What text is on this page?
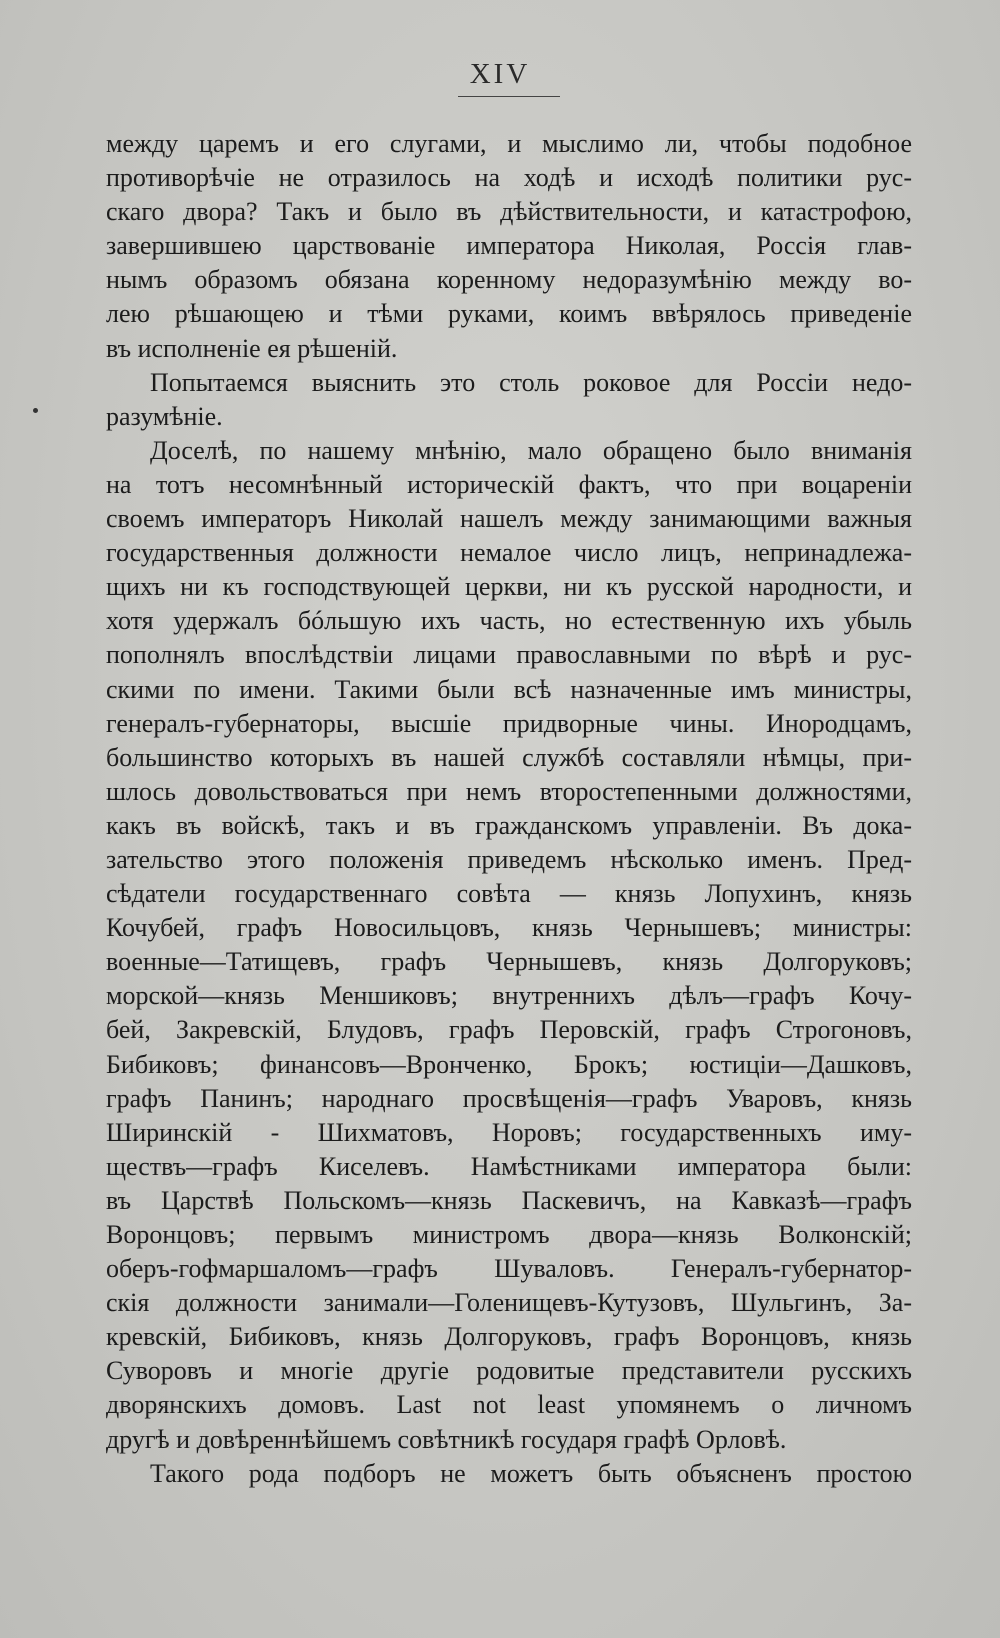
XIV
между царемъ и его слугами, и мыслимо ли, чтобы подобное
противорѣчiе не отразилось на ходѣ и исходѣ политики рус-
скаго двора? Такъ и было въ дѣйствительности, и катастрофою,
завершившею царствованiе императора Николая, Россiя глав-
нымъ образомъ обязана коренному недоразумѣнiю между во-
лею рѣшающею и тѣми руками, коимъ ввѣрялось приведенiе
въ исполненiе ея рѣшенiй.
Попытаемся выяснить это столь роковое для Россiи недо-
разумѣнiе.
Доселѣ, по нашему мнѣнiю, мало обращено было вниманiя
на тотъ несомнѣнный историческiй фактъ, что при воцаренiи
своемъ императоръ Николай нашелъ между занимающими важныя
государственныя должности немалое число лицъ, непринадлежа-
щихъ ни къ господствующей церкви, ни къ русской народности, и
хотя удержалъ бóльшую ихъ часть, но естественную ихъ убыль
пополнялъ впослѣдствiи лицами православными по вѣрѣ и рус-
скими по имени. Такими были всѣ назначенные имъ министры,
генералъ-губернаторы, высшiе придворные чины. Инородцамъ,
большинство которыхъ въ нашей службѣ составляли нѣмцы, при-
шлось довольствоваться при немъ второстепенными должностями,
какъ въ войскѣ, такъ и въ гражданскомъ управленiи. Въ дока-
зательство этого положенiя приведемъ нѣсколько именъ. Пред-
сѣдатели государственнаго совѣта — князь Лопухинъ, князь
Кочубей, графъ Новосильцовъ, князь Чернышевъ; министры:
военные—Татищевъ, графъ Чернышевъ, князь Долгоруковъ;
морской—князь Меншиковъ; внутреннихъ дѣлъ—графъ Кочу-
бей, Закревскiй, Блудовъ, графъ Перовскiй, графъ Строгоновъ,
Бибиковъ; финансовъ—Вронченко, Брокъ; юстицiи—Дашковъ,
графъ Панинъ; народнаго просвѣщенiя—графъ Уваровъ, князь
Ширинскiй - Шихматовъ, Норовъ; государственныхъ иму-
ществъ—графъ Киселевъ. Намѣстниками императора были:
въ Царствѣ Польскомъ—князь Паскевичъ, на Кавказѣ—графъ
Воронцовъ; первымъ министромъ двора—князь Волконскiй;
оберъ-гофмаршаломъ—графъ Шуваловъ. Генералъ-губернатор-
скiя должности занимали—Голенищевъ-Кутузовъ, Шульгинъ, За-
кревскiй, Бибиковъ, князь Долгоруковъ, графъ Воронцовъ, князь
Суворовъ и многiе другiе родовитые представители русскихъ
дворянскихъ домовъ. Last not least упомянемъ о личномъ
другѣ и довѣреннѣйшемъ совѣтникѣ государя графѣ Орловѣ.
Такого рода подборъ не можетъ быть объясненъ простою
